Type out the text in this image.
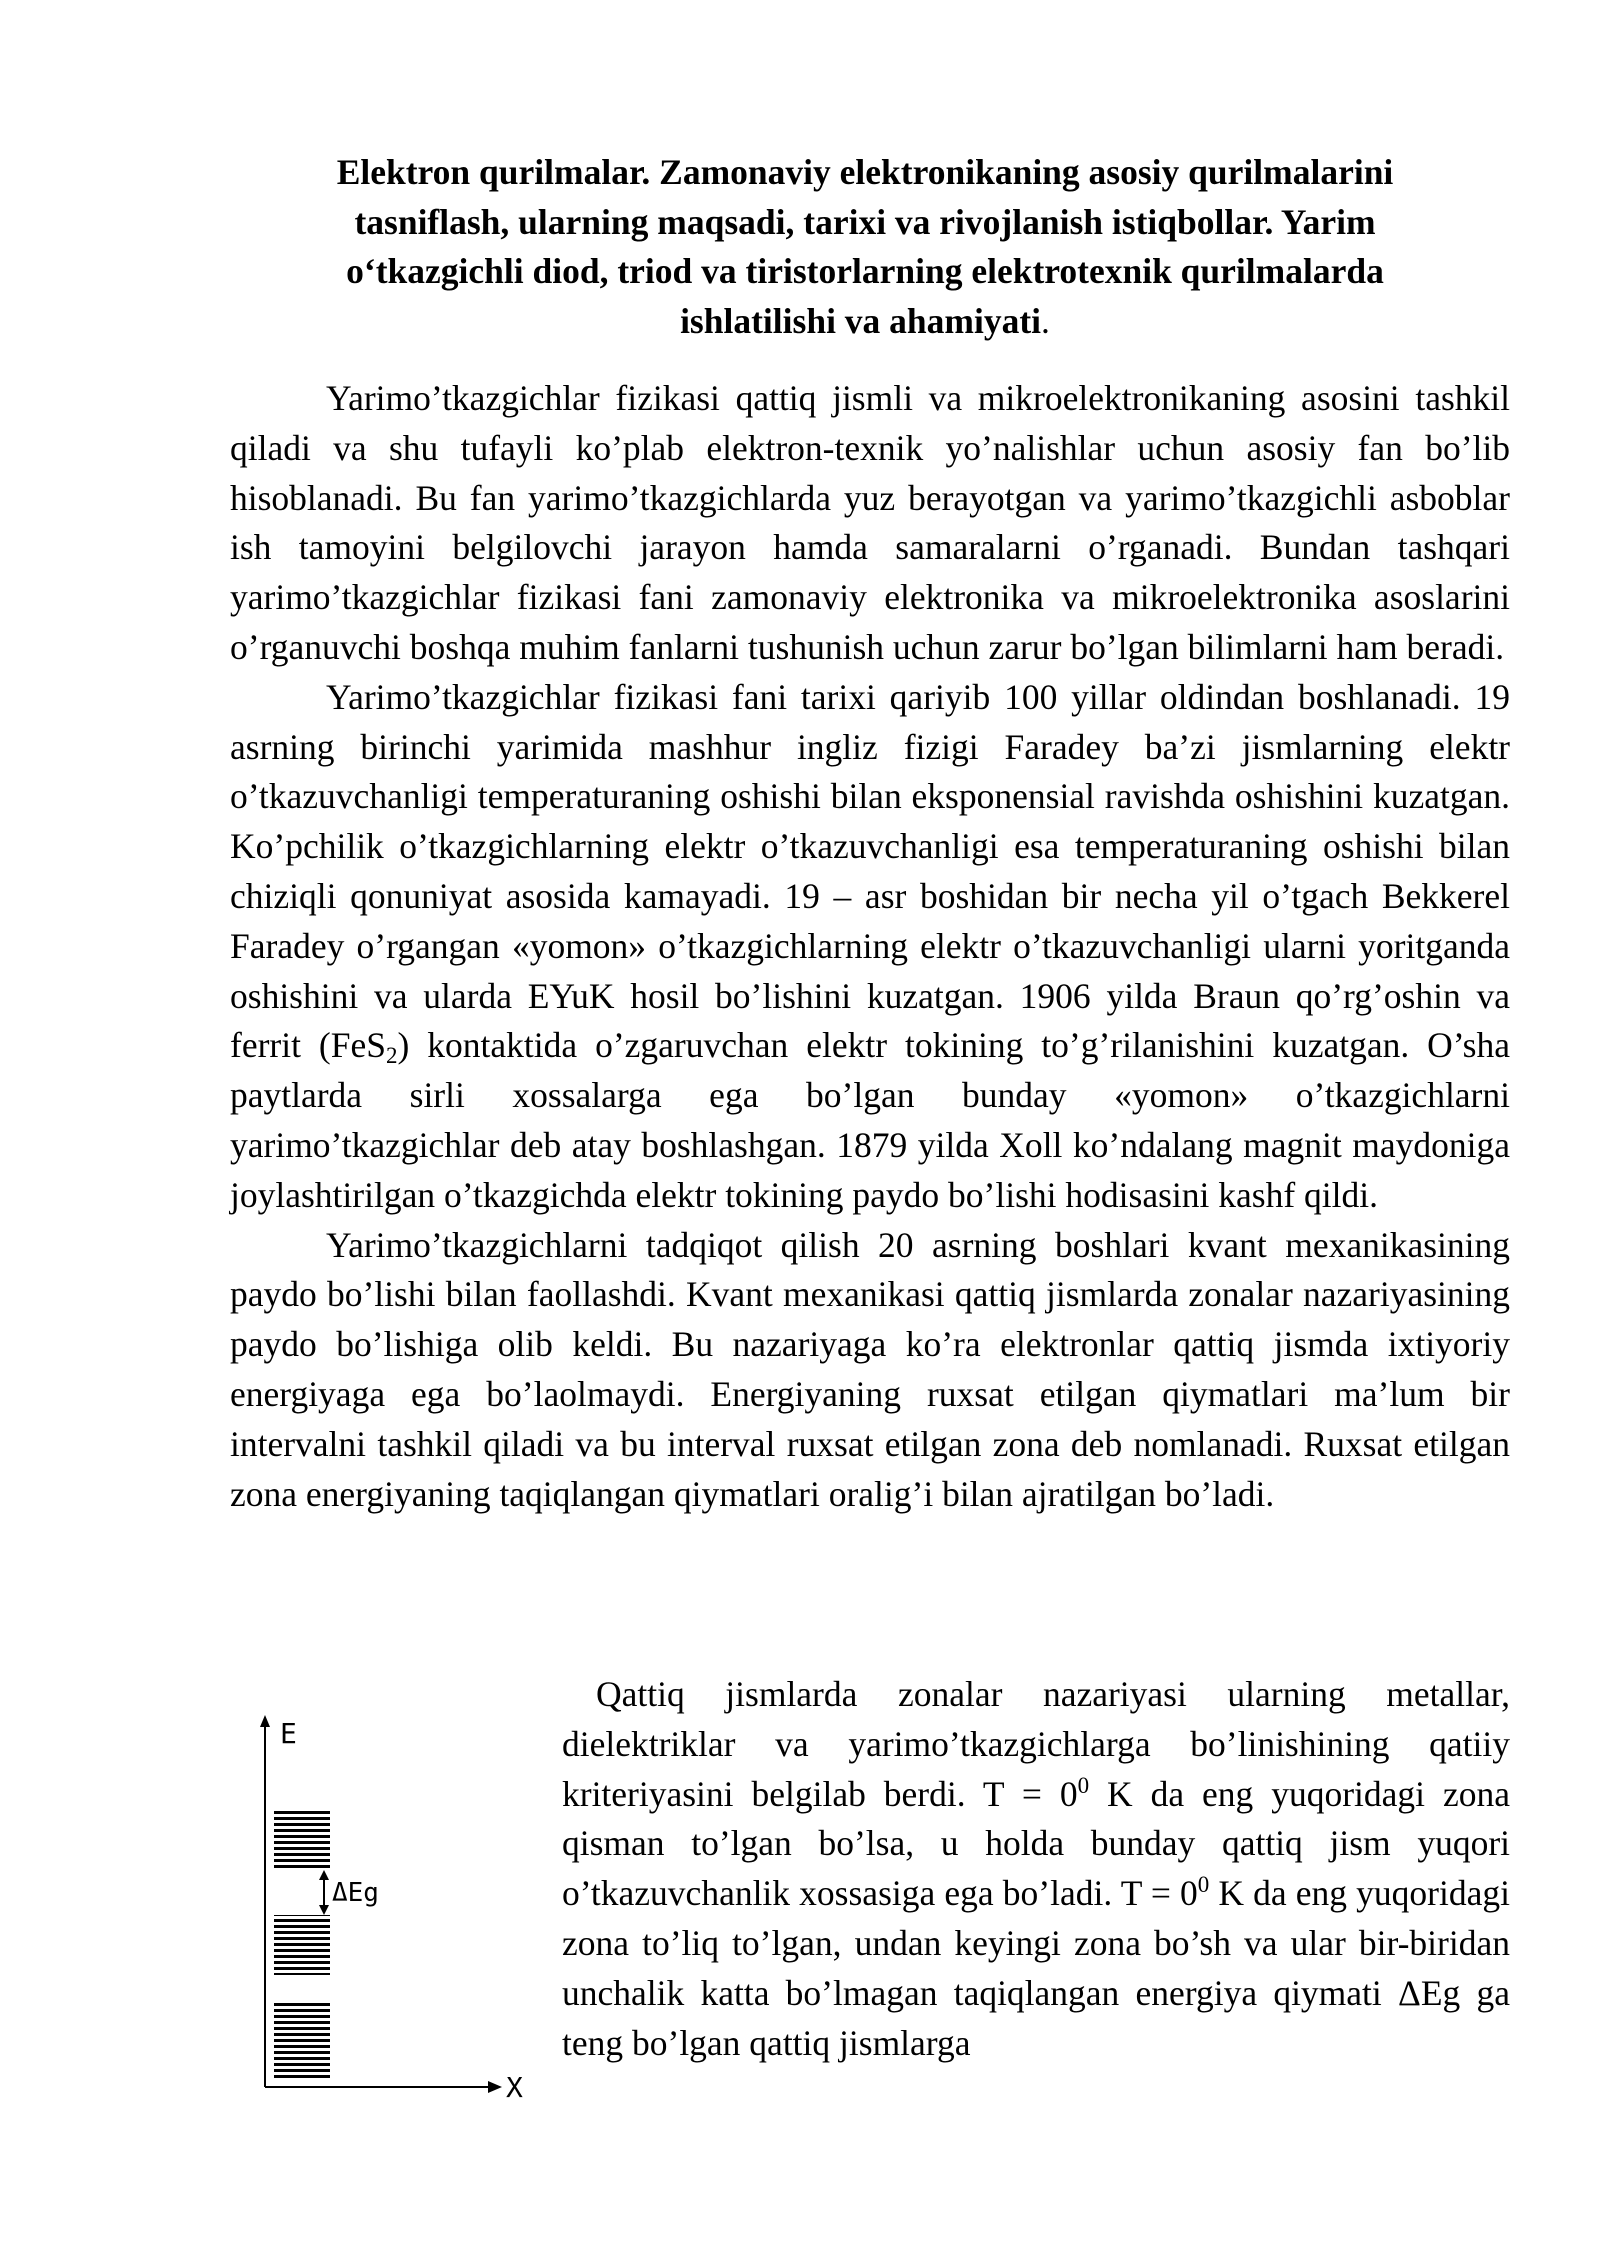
Elektron qurilmalar. Zamonaviy elektronikaning asosiy qurilmalarini
tasniflash, ularning maqsadi, tarixi va rivojlanish istiqbollar. Yarim
o‘tkazgichli diod, triod va tiristorlarning elektrotexnik qurilmalarda
ishlatilishi va ahamiyati.

Yarimo’tkazgichlar fizikasi qattiq jismli va mikroelektronikaning asosini tashkil qiladi va shu tufayli ko’plab elektron-texnik yo’nalishlar uchun asosiy fan bo’lib hisoblanadi. Bu fan yarimo’tkazgichlarda yuz berayotgan va yarimo’tkazgichli asboblar ish tamoyini belgilovchi jarayon hamda samaralarni o’rganadi. Bundan tashqari yarimo’tkazgichlar fizikasi fani zamonaviy elektronika va mikroelektronika asoslarini o’rganuvchi boshqa muhim fanlarni tushunish uchun zarur bo’lgan bilimlarni ham beradi.

Yarimo’tkazgichlar fizikasi fani tarixi qariyib 100 yillar oldindan boshlanadi. 19 asrning birinchi yarimida mashhur ingliz fizigi Faradey ba’zi jismlarning elektr o’tkazuvchanligi temperaturaning oshishi bilan eksponensial ravishda oshishini kuzatgan. Ko’pchilik o’tkazgichlarning elektr o’tkazuvchanligi esa temperaturaning oshishi bilan chiziqli qonuniyat asosida kamayadi. 19 – asr boshidan bir necha yil o’tgach Bekkerel Faradey o’rgangan «yomon» o’tkazgichlarning elektr o’tkazuvchanligi ularni yoritganda oshishini va ularda EYuK hosil bo’lishini kuzatgan. 1906 yilda Braun qo’rg’oshin va ferrit (FeS$_2$) kontaktida o’zgaruvchan elektr tokining to’g’rilanishini kuzatgan. O’sha paytlarda sirli xossalarga ega bo’lgan bunday «yomon» o’tkazgichlarni yarimo’tkazgichlar deb atay boshlashgan. 1879 yilda Xoll ko’ndalang magnit maydoniga joylashtirilgan o’tkazgichda elektr tokining paydo bo’lishi hodisasini kashf qildi.

Yarimo’tkazgichlarni tadqiqot qilish 20 asrning boshlari kvant mexanikasining paydo bo’lishi bilan faollashdi. Kvant mexanikasi qattiq jismlarda zonalar nazariyasining paydo bo’lishiga olib keldi. Bu nazariyaga ko’ra elektronlar qattiq jismda ixtiyoriy energiyaga ega bo’laolmaydi. Energiyaning ruxsat etilgan qiymatlari ma’lum bir intervalni tashkil qiladi va bu interval ruxsat etilgan zona deb nomlanadi. Ruxsat etilgan zona energiyaning taqiqlangan qiymatlari oralig’i bilan ajratilgan bo’ladi.

Qattiq jismlarda zonalar nazariyasi ularning metallar, dielektriklar va yarimo’tkazgichlarga bo’linishining qatiiy kriteriyasini belgilab berdi. $T = 0^0$ K da eng yuqoridagi zona qisman to’lgan bo’lsa, u holda bunday qattiq jism yuqori o’tkazuvchanlik xossasiga ega bo’ladi. $T = 0^0$ K da eng yuqoridagi zona to’liq to’lgan, undan keyingi zona bo’sh va ular bir-biridan unchalik katta bo’lmagan taqiqlangan energiya qiymati ΔEg ga teng bo’lgan qattiq jismlarga

E
X
ΔEg
